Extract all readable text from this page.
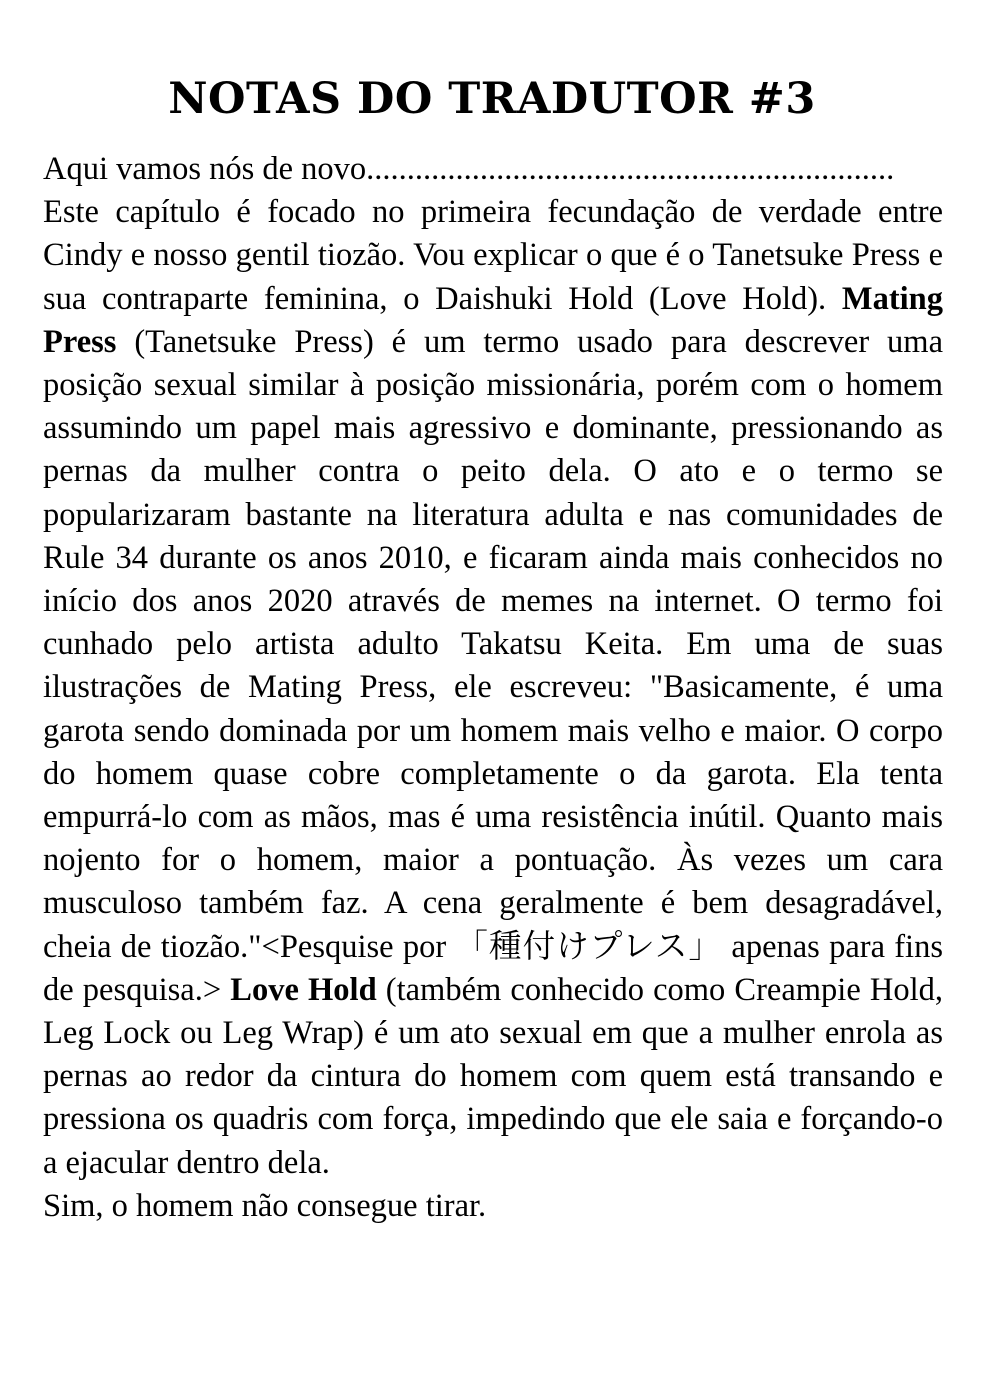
NOTAS DO TRADUTOR #3
Aqui vamos nós de novo.................................................................

Este capítulo é focado no primeira fecundação de verdade entre Cindy e nosso gentil tiozão. Vou explicar o que é o Tanetsuke Press e sua contraparte feminina, o Daishuki Hold (Love Hold). Mating Press (Tanetsuke Press) é um termo usado para descrever uma posição sexual similar à posição missionária, porém com o homem assumindo um papel mais agressivo e dominante, pressionando as pernas da mulher contra o peito dela. O ato e o termo se popularizaram bastante na literatura adulta e nas comunidades de Rule 34 durante os anos 2010, e ficaram ainda mais conhecidos no início dos anos 2020 através de memes na internet. O termo foi cunhado pelo artista adulto Takatsu Keita. Em uma de suas ilustrações de Mating Press, ele escreveu: "Basicamente, é uma garota sendo dominada por um homem mais velho e maior. O corpo do homem quase cobre completamente o da garota. Ela tenta empurrá-lo com as mãos, mas é uma resistência inútil. Quanto mais nojento for o homem, maior a pontuação. Às vezes um cara musculoso também faz. A cena geralmente é bem desagradável, cheia de tiozão."<Pesquise por 「種付けプレス」 apenas para fins de pesquisa.> Love Hold (também conhecido como Creampie Hold, Leg Lock ou Leg Wrap) é um ato sexual em que a mulher enrola as pernas ao redor da cintura do homem com quem está transando e pressiona os quadris com força, impedindo que ele saia e forçando-o a ejacular dentro dela.

Sim, o homem não consegue tirar.
